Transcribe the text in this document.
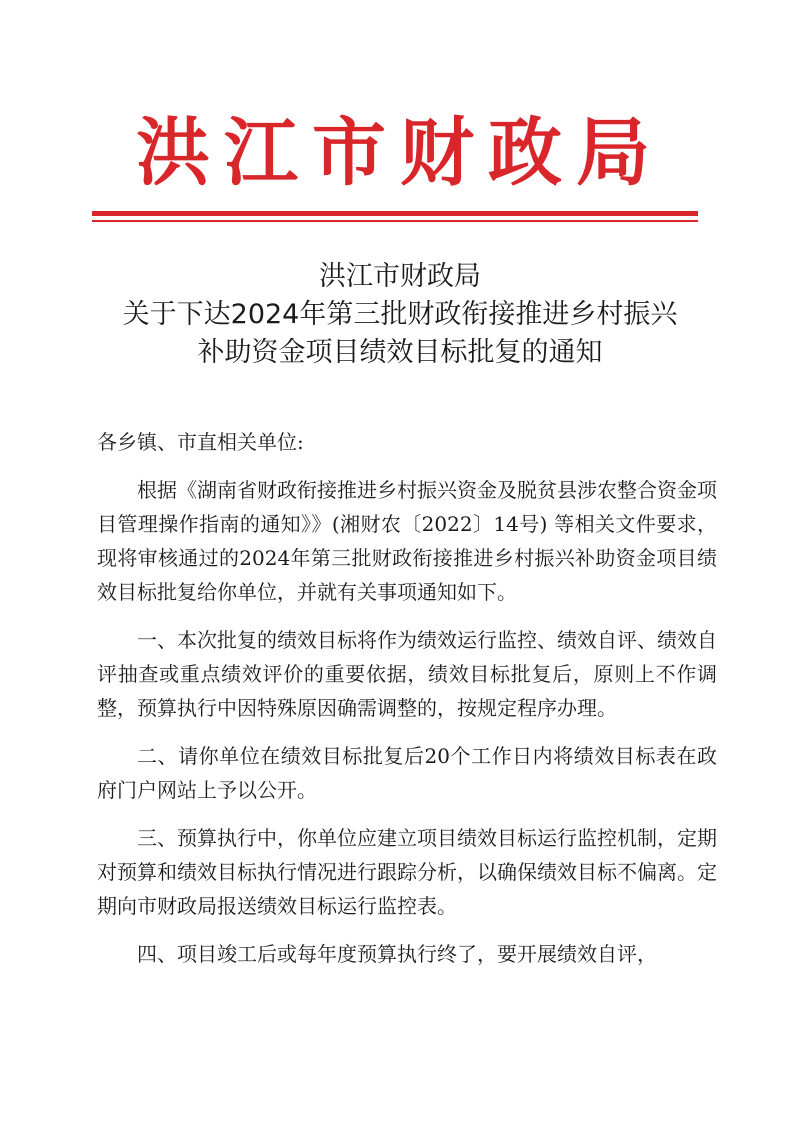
洪江市财政局
洪江市财政局
关于下达2024年第三批财政衔接推进乡村振兴
补助资金项目绩效目标批复的通知

各乡镇、市直相关单位:

根据《湖南省财政衔接推进乡村振兴资金及脱贫县涉农整合资金项目管理操作指南的通知》》(湘财农〔2022〕14号) 等相关文件要求，现将审核通过的2024年第三批财政衔接推进乡村振兴补助资金项目绩效目标批复给你单位，并就有关事项通知如下。

一、本次批复的绩效目标将作为绩效运行监控、绩效自评、绩效自评抽查或重点绩效评价的重要依据，绩效目标批复后，原则上不作调整，预算执行中因特殊原因确需调整的，按规定程序办理。

二、请你单位在绩效目标批复后20个工作日内将绩效目标表在政府门户网站上予以公开。

三、预算执行中，你单位应建立项目绩效目标运行监控机制，定期对预算和绩效目标执行情况进行跟踪分析，以确保绩效目标不偏离。定期向市财政局报送绩效目标运行监控表。

四、项目竣工后或每年度预算执行终了，要开展绩效自评，
